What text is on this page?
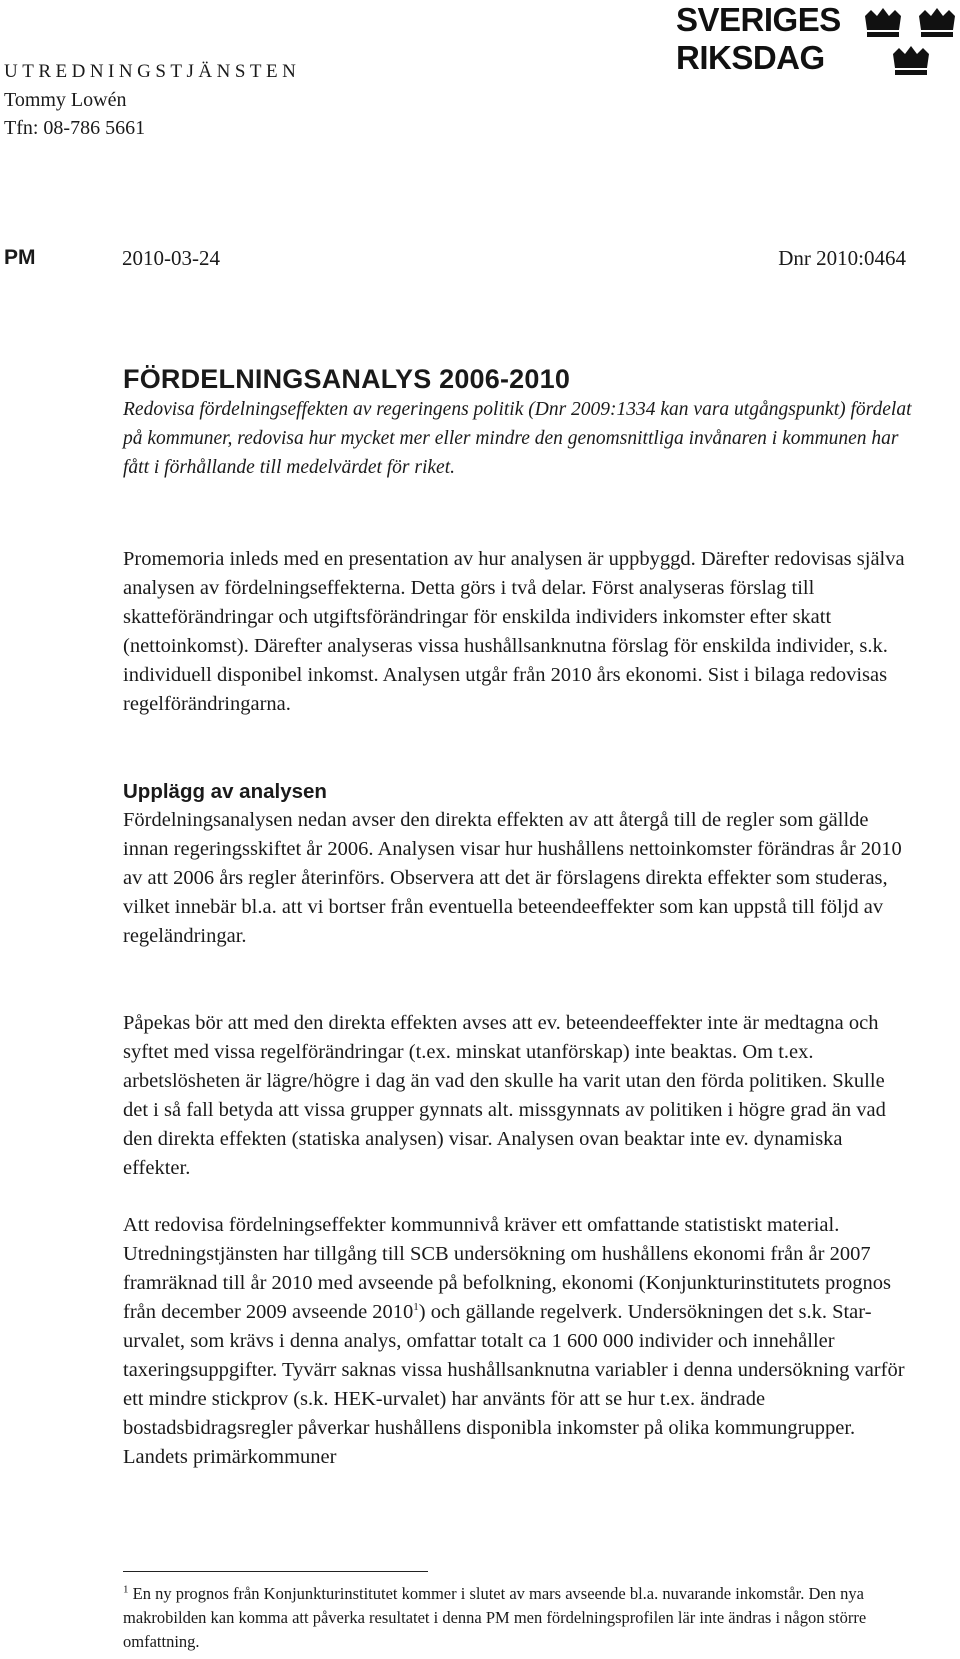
UTREDNINGSTJÄNSTEN
Tommy Lowén
Tfn: 08-786 5661
SVERIGES
RIKSDAG
PM	2010-03-24	Dnr 2010:0464
FÖRDELNINGSANALYS 2006-2010
Redovisa fördelningseffekten av regeringens politik (Dnr 2009:1334 kan vara utgångspunkt) fördelat på kommuner, redovisa hur mycket mer eller mindre den genomsnittliga invånaren i kommunen har fått i förhållande till medelvärdet för riket.

Promemoria inleds med en presentation av hur analysen är uppbyggd. Därefter redovisas själva analysen av fördelningseffekterna. Detta görs i två delar. Först analyseras förslag till skatteförändringar och utgiftsförändringar för enskilda individers inkomster efter skatt (nettoinkomst). Därefter analyseras vissa hushållsanknutna förslag för enskilda individer, s.k. individuell disponibel inkomst. Analysen utgår från 2010 års ekonomi. Sist i bilaga redovisas regelförändringarna.

Upplägg av analysen

Fördelningsanalysen nedan avser den direkta effekten av att återgå till de regler som gällde innan regeringsskiftet år 2006. Analysen visar hur hushållens nettoinkomster förändras år 2010 av att 2006 års regler återinförs. Observera att det är förslagens direkta effekter som studeras, vilket innebär bl.a. att vi bortser från eventuella beteendeeffekter som kan uppstå till följd av regeländringar.

Påpekas bör att med den direkta effekten avses att ev. beteendeeffekter inte är medtagna och syftet med vissa regelförändringar (t.ex. minskat utanförskap) inte beaktas. Om t.ex. arbetslösheten är lägre/högre i dag än vad den skulle ha varit utan den förda politiken. Skulle det i så fall betyda att vissa grupper gynnats alt. missgynnats av politiken i högre grad än vad den direkta effekten (statiska analysen) visar. Analysen ovan beaktar inte ev. dynamiska effekter.

Att redovisa fördelningseffekter kommunnivå kräver ett omfattande statistiskt material. Utredningstjänsten har tillgång till SCB undersökning om hushållens ekonomi från år 2007 framräknad till år 2010 med avseende på befolkning, ekonomi (Konjunkturinstitutets prognos från december 2009 avseende 2010$^1$) och gällande regelverk. Undersökningen det s.k. Star-urvalet, som krävs i denna analys, omfattar totalt ca 1 600 000 individer och innehåller taxeringsuppgifter. Tyvärr saknas vissa hushållsanknutna variabler i denna undersökning varför ett mindre stickprov (s.k. HEK-urvalet) har använts för att se hur t.ex. ändrade bostadsbidragsregler påverkar hushållens disponibla inkomster på olika kommungrupper. Landets primärkommuner

$^1$ En ny prognos från Konjunkturinstitutet kommer i slutet av mars avseende bl.a. nuvarande inkomstår. Den nya makrobilden kan komma att påverka resultatet i denna PM men fördelningsprofilen lär inte ändras i någon större omfattning.
